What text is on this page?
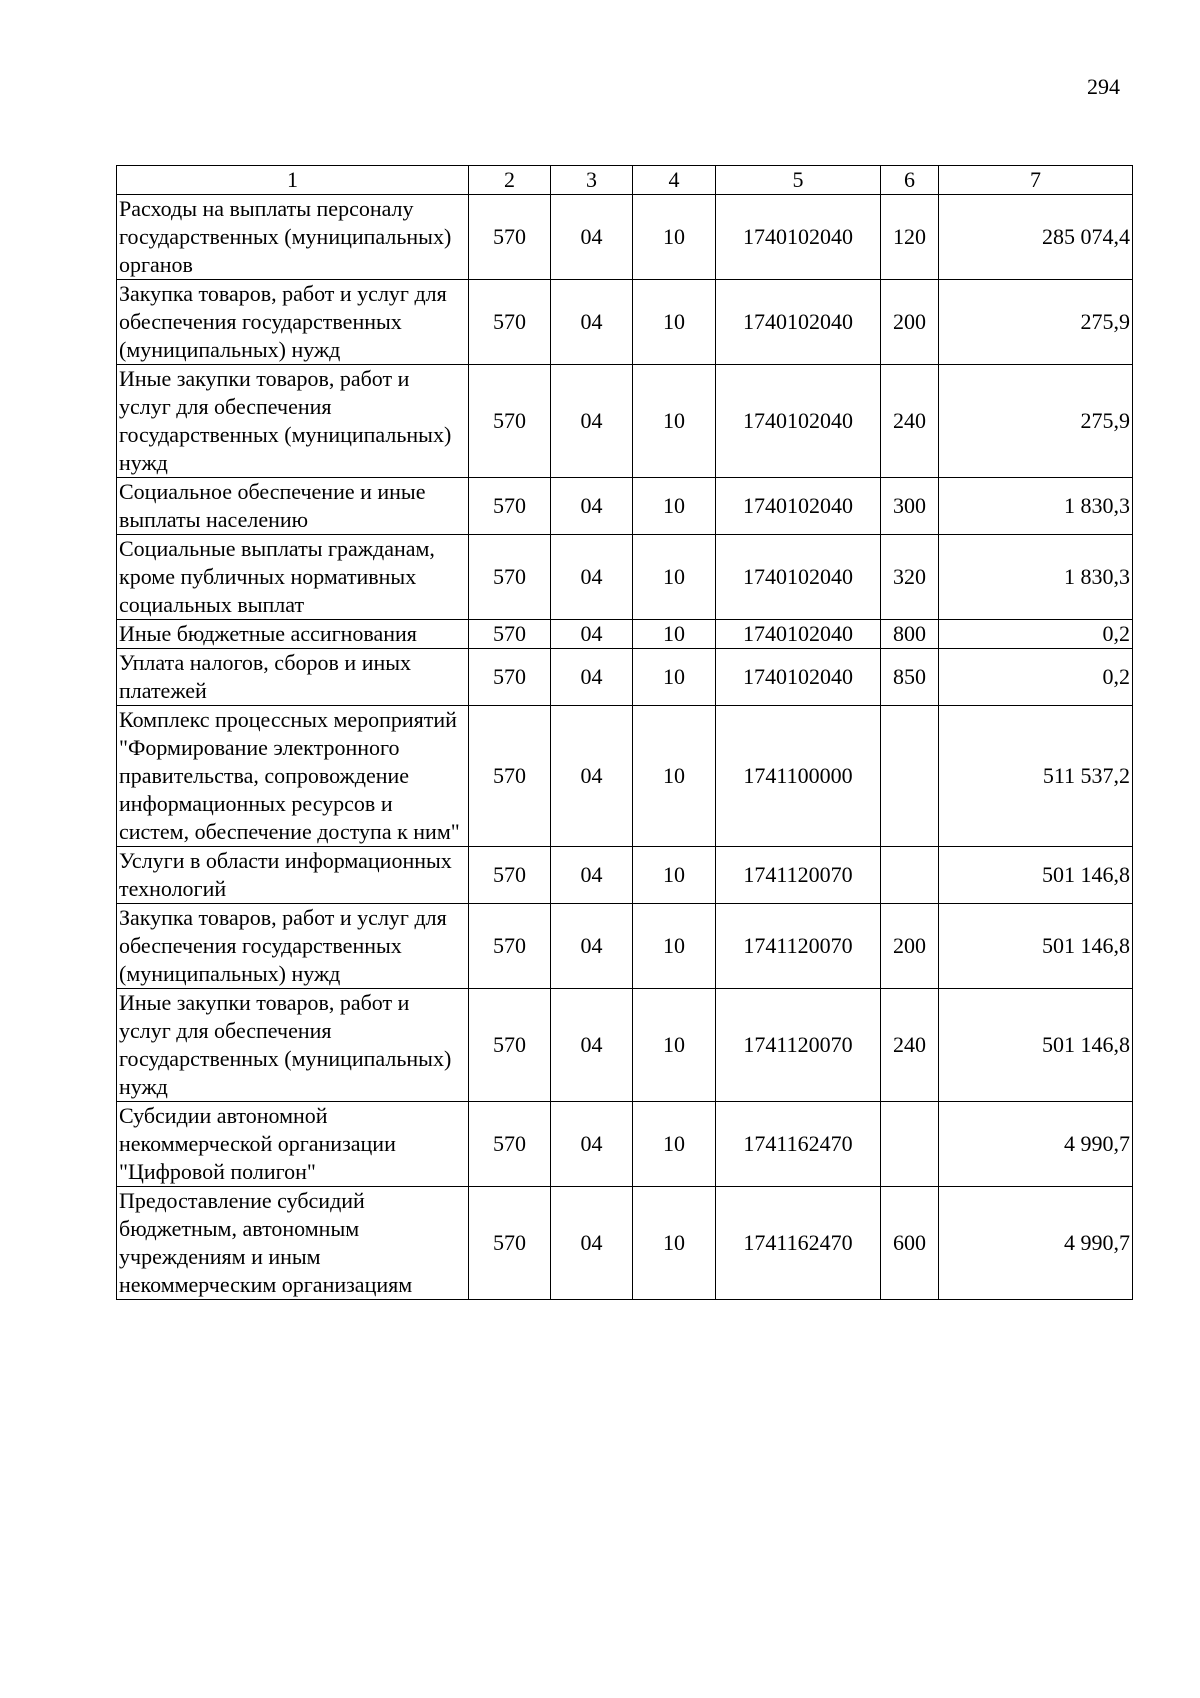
294
1	2	3	4	5	6	7
Расходы на выплаты персоналу государственных (муниципальных) органов	570	04	10	1740102040	120	285 074,4
Закупка товаров, работ и услуг для обеспечения государственных (муниципальных) нужд	570	04	10	1740102040	200	275,9
Иные закупки товаров, работ и услуг для обеспечения государственных (муниципальных) нужд	570	04	10	1740102040	240	275,9
Социальное обеспечение и иные выплаты населению	570	04	10	1740102040	300	1 830,3
Социальные выплаты гражданам, кроме публичных нормативных социальных выплат	570	04	10	1740102040	320	1 830,3
Иные бюджетные ассигнования	570	04	10	1740102040	800	0,2
Уплата налогов, сборов и иных платежей	570	04	10	1740102040	850	0,2
Комплекс процессных мероприятий "Формирование электронного правительства, сопровождение информационных ресурсов и систем, обеспечение доступа к ним"	570	04	10	1741100000		511 537,2
Услуги в области информационных технологий	570	04	10	1741120070		501 146,8
Закупка товаров, работ и услуг для обеспечения государственных (муниципальных) нужд	570	04	10	1741120070	200	501 146,8
Иные закупки товаров, работ и услуг для обеспечения государственных (муниципальных) нужд	570	04	10	1741120070	240	501 146,8
Субсидии автономной некоммерческой организации "Цифровой полигон"	570	04	10	1741162470		4 990,7
Предоставление субсидий бюджетным, автономным учреждениям и иным некоммерческим организациям	570	04	10	1741162470	600	4 990,7
